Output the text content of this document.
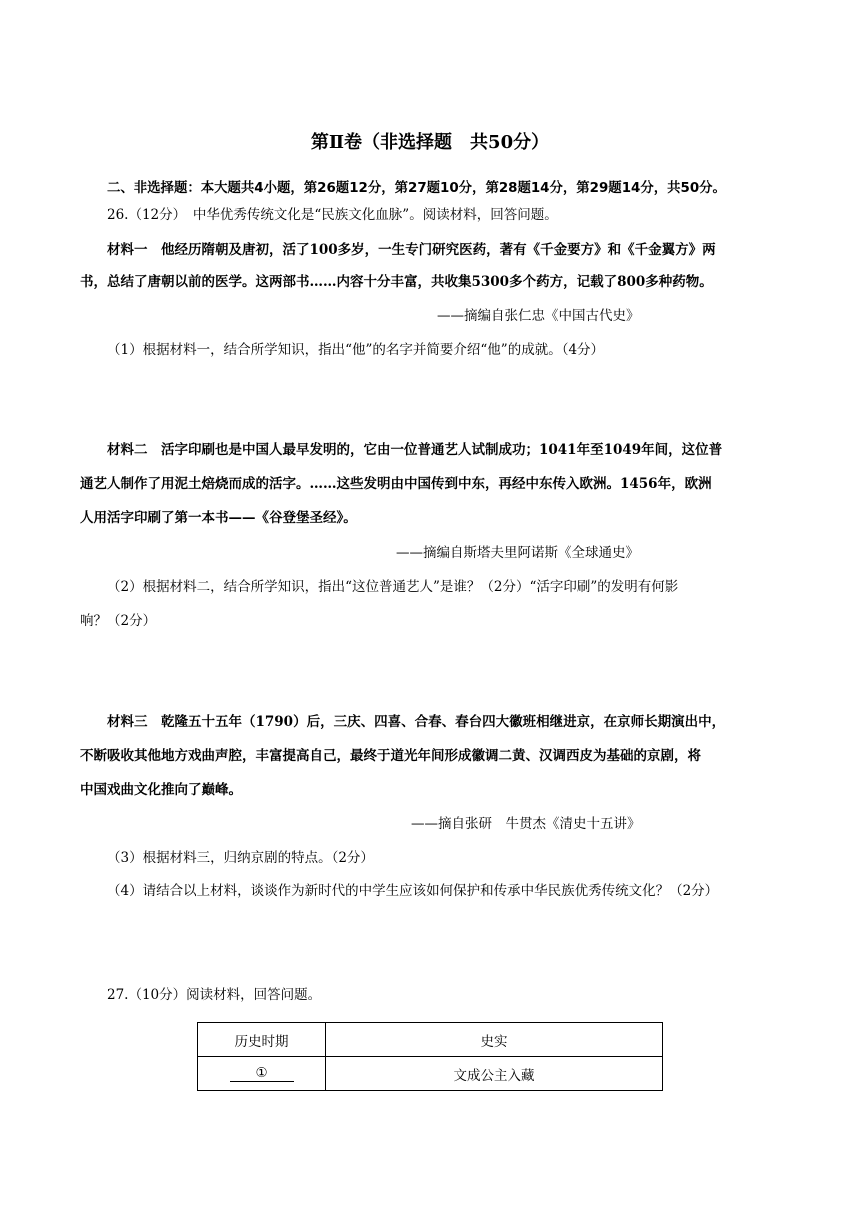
第Ⅱ卷（非选择题　共50分）
二、非选择题：本大题共4小题，第26题12分，第27题10分，第28题14分，第29题14分，共50分。
26.（12分）　中华优秀传统文化是“民族文化血脉”。阅读材料，回答问题。
材料一　他经历隋朝及唐初，活了100多岁，一生专门研究医药，著有《千金要方》和《千金翼方》两
书，总结了唐朝以前的医学。这两部书……内容十分丰富，共收集5300多个药方，记载了800多种药物。
——摘编自张仁忠《中国古代史》
（1）根据材料一，结合所学知识，指出“他”的名字并简要介绍“他”的成就。（4分）
材料二　活字印刷也是中国人最早发明的，它由一位普通艺人试制成功；1041年至1049年间，这位普
通艺人制作了用泥土焙烧而成的活字。……这些发明由中国传到中东，再经中东传入欧洲。1456年，欧洲
人用活字印刷了第一本书——《谷登堡圣经》。
——摘编自斯塔夫里阿诺斯《全球通史》
（2）根据材料二，结合所学知识，指出“这位普通艺人”是谁？（2分）“活字印刷”的发明有何影
响？（2分）
材料三　乾隆五十五年（1790）后，三庆、四喜、合春、春台四大徽班相继进京，在京师长期演出中，
不断吸收其他地方戏曲声腔，丰富提高自己，最终于道光年间形成徽调二黄、汉调西皮为基础的京剧，将
中国戏曲文化推向了巅峰。
——摘自张研　牛贯杰《清史十五讲》
（3）根据材料三，归纳京剧的特点。（2分）
（4）请结合以上材料，谈谈作为新时代的中学生应该如何保护和传承中华民族优秀传统文化？（2分）
27.（10分）阅读材料，回答问题。
历史时期	史实
①	文成公主入藏
